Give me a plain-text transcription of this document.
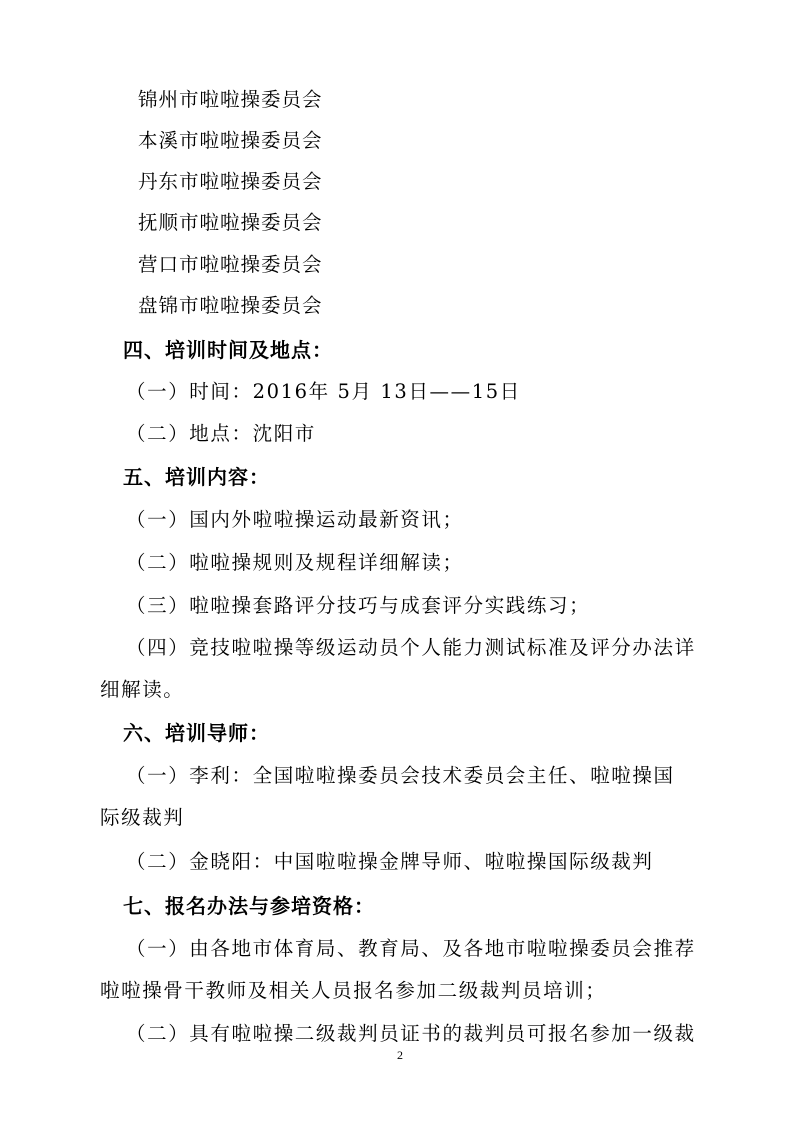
锦州市啦啦操委员会
本溪市啦啦操委员会
丹东市啦啦操委员会
抚顺市啦啦操委员会
营口市啦啦操委员会
盘锦市啦啦操委员会
四、培训时间及地点：
（一）时间：2016年 5月 13日——15日
（二）地点：沈阳市
五、培训内容：
（一）国内外啦啦操运动最新资讯；
（二）啦啦操规则及规程详细解读；
（三）啦啦操套路评分技巧与成套评分实践练习；
（四）竞技啦啦操等级运动员个人能力测试标准及评分办法详
细解读。
六、培训导师：
（一）李利：全国啦啦操委员会技术委员会主任、啦啦操国
际级裁判
（二）金晓阳：中国啦啦操金牌导师、啦啦操国际级裁判
七、报名办法与参培资格：
（一）由各地市体育局、教育局、及各地市啦啦操委员会推荐
啦啦操骨干教师及相关人员报名参加二级裁判员培训；
（二）具有啦啦操二级裁判员证书的裁判员可报名参加一级裁
2
